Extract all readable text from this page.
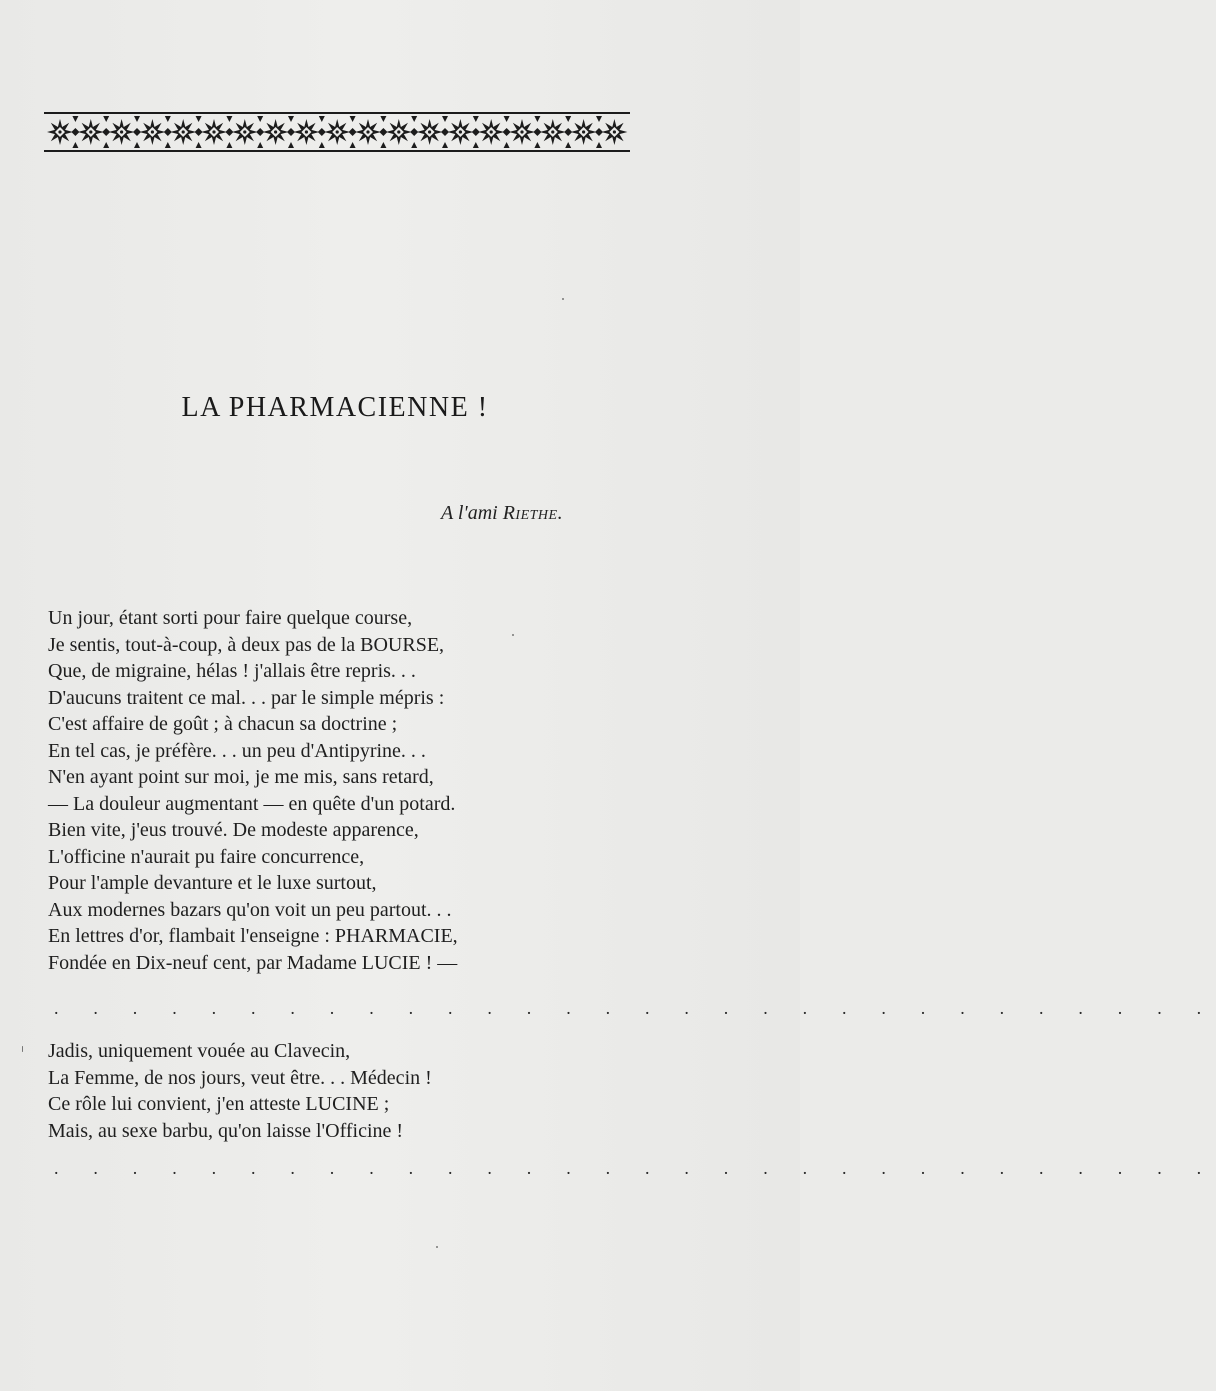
LA PHARMACIENNE !
A l'ami Riethe.
Un jour, étant sorti pour faire quelque course,
Je sentis, tout-à-coup, à deux pas de la BOURSE,
Que, de migraine, hélas ! j'allais être repris. . .
D'aucuns traitent ce mal. . . par le simple mépris :
C'est affaire de goût ; à chacun sa doctrine ;
En tel cas, je préfère. . . un peu d'Antipyrine. . .
N'en ayant point sur moi, je me mis, sans retard,
— La douleur augmentant — en quête d'un potard.
Bien vite, j'eus trouvé. De modeste apparence,
L'officine n'aurait pu faire concurrence,
Pour l'ample devanture et le luxe surtout,
Aux modernes bazars qu'on voit un peu partout. . .
En lettres d'or, flambait l'enseigne : PHARMACIE,
Fondée en Dix-neuf cent, par Madame LUCIE ! —
. . . . . . . . . . . . . . . . . . . . . . . . . . . . . .
Jadis, uniquement vouée au Clavecin,
La Femme, de nos jours, veut être. . . Médecin !
Ce rôle lui convient, j'en atteste LUCINE ;
Mais, au sexe barbu, qu'on laisse l'Officine !
. . . . . . . . . . . . . . . . . . . . . . . . . . . . . .
